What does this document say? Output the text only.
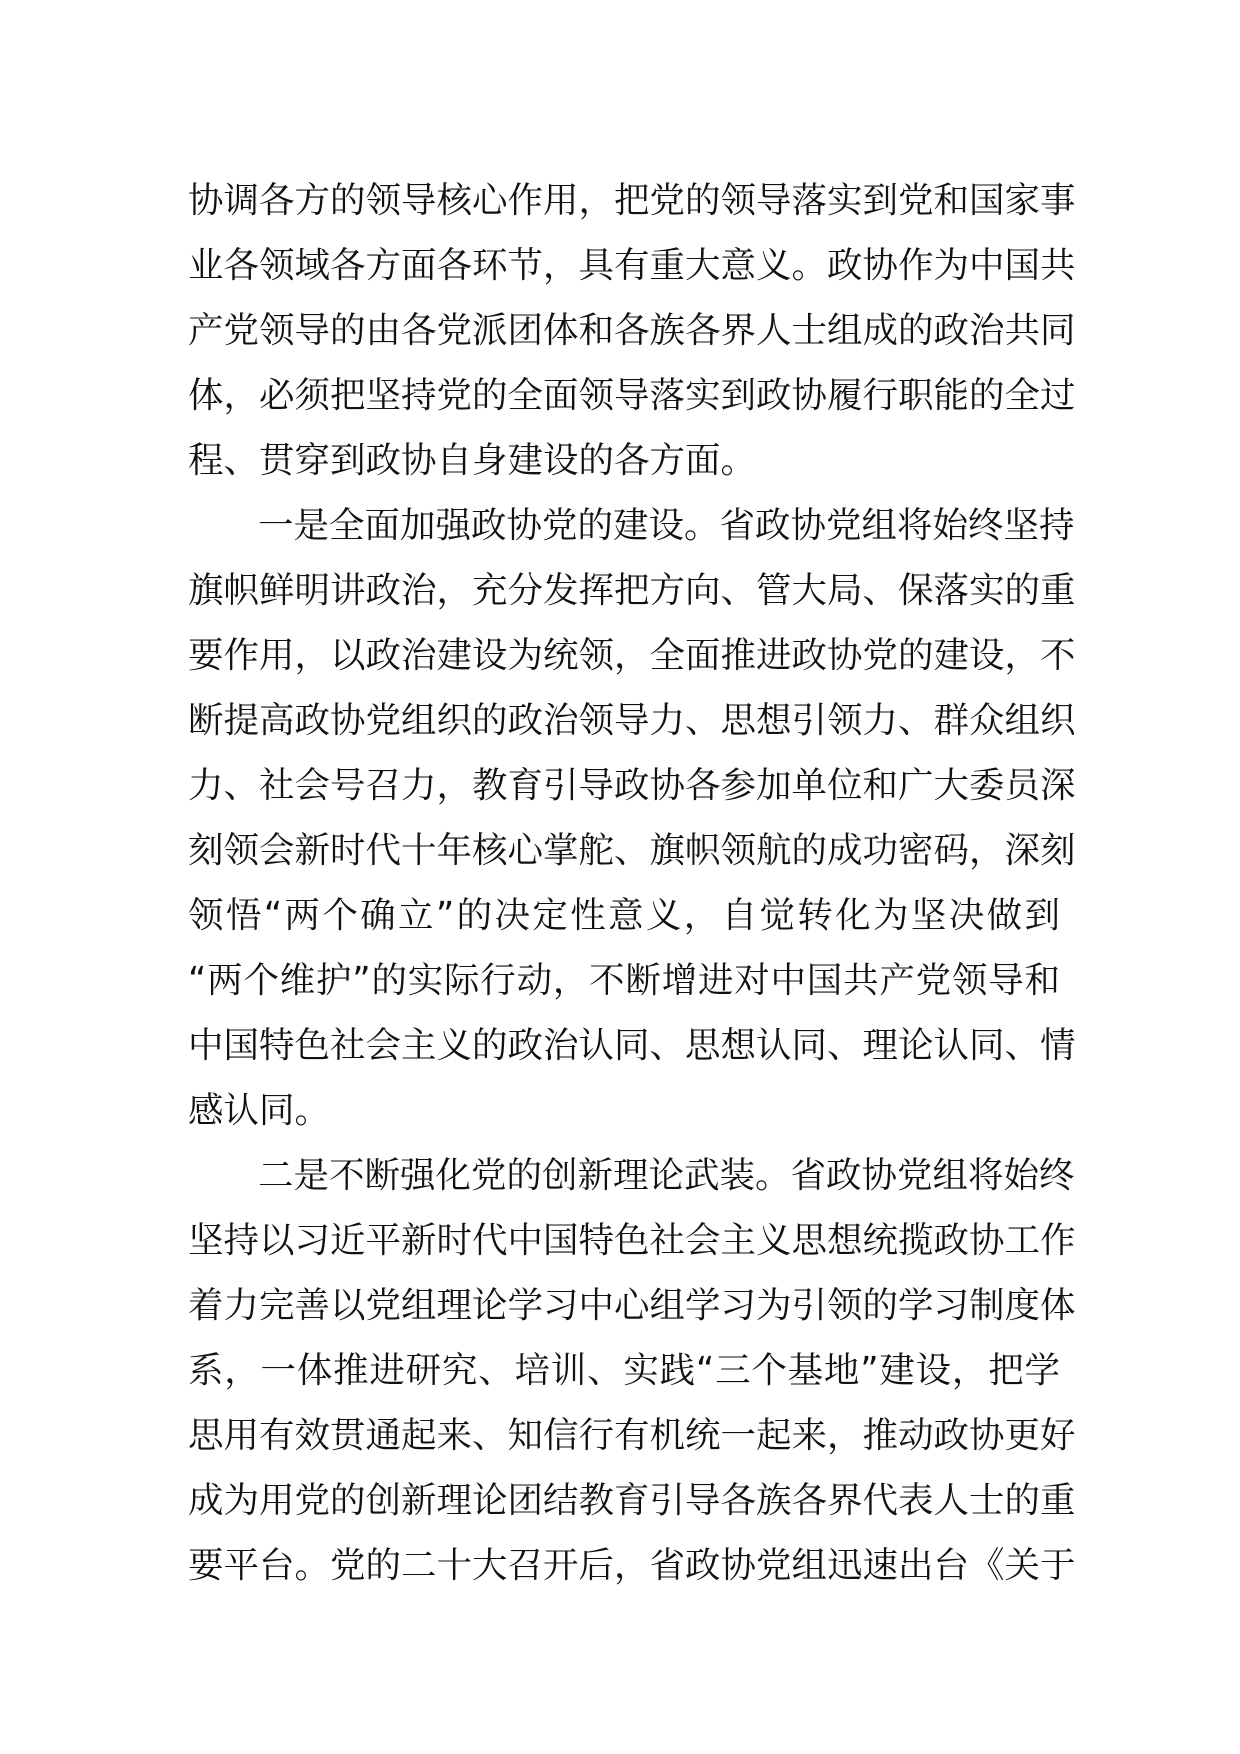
协调各方的领导核心作用，把党的领导落实到党和国家事
业各领域各方面各环节，具有重大意义。政协作为中国共
产党领导的由各党派团体和各族各界人士组成的政治共同
体，必须把坚持党的全面领导落实到政协履行职能的全过
程、贯穿到政协自身建设的各方面。
一是全面加强政协党的建设。省政协党组将始终坚持
旗帜鲜明讲政治，充分发挥把方向、管大局、保落实的重
要作用，以政治建设为统领，全面推进政协党的建设，不
断提高政协党组织的政治领导力、思想引领力、群众组织
力、社会号召力，教育引导政协各参加单位和广大委员深
刻领会新时代十年核心掌舵、旗帜领航的成功密码，深刻
领悟“两个确立”的决定性意义，自觉转化为坚决做到
“两个维护”的实际行动，不断增进对中国共产党领导和
中国特色社会主义的政治认同、思想认同、理论认同、情
感认同。
二是不断强化党的创新理论武装。省政协党组将始终
坚持以习近平新时代中国特色社会主义思想统揽政协工作
着力完善以党组理论学习中心组学习为引领的学习制度体
系，一体推进研究、培训、实践“三个基地”建设，把学
思用有效贯通起来、知信行有机统一起来，推动政协更好
成为用党的创新理论团结教育引导各族各界代表人士的重
要平台。党的二十大召开后，省政协党组迅速出台《关于
